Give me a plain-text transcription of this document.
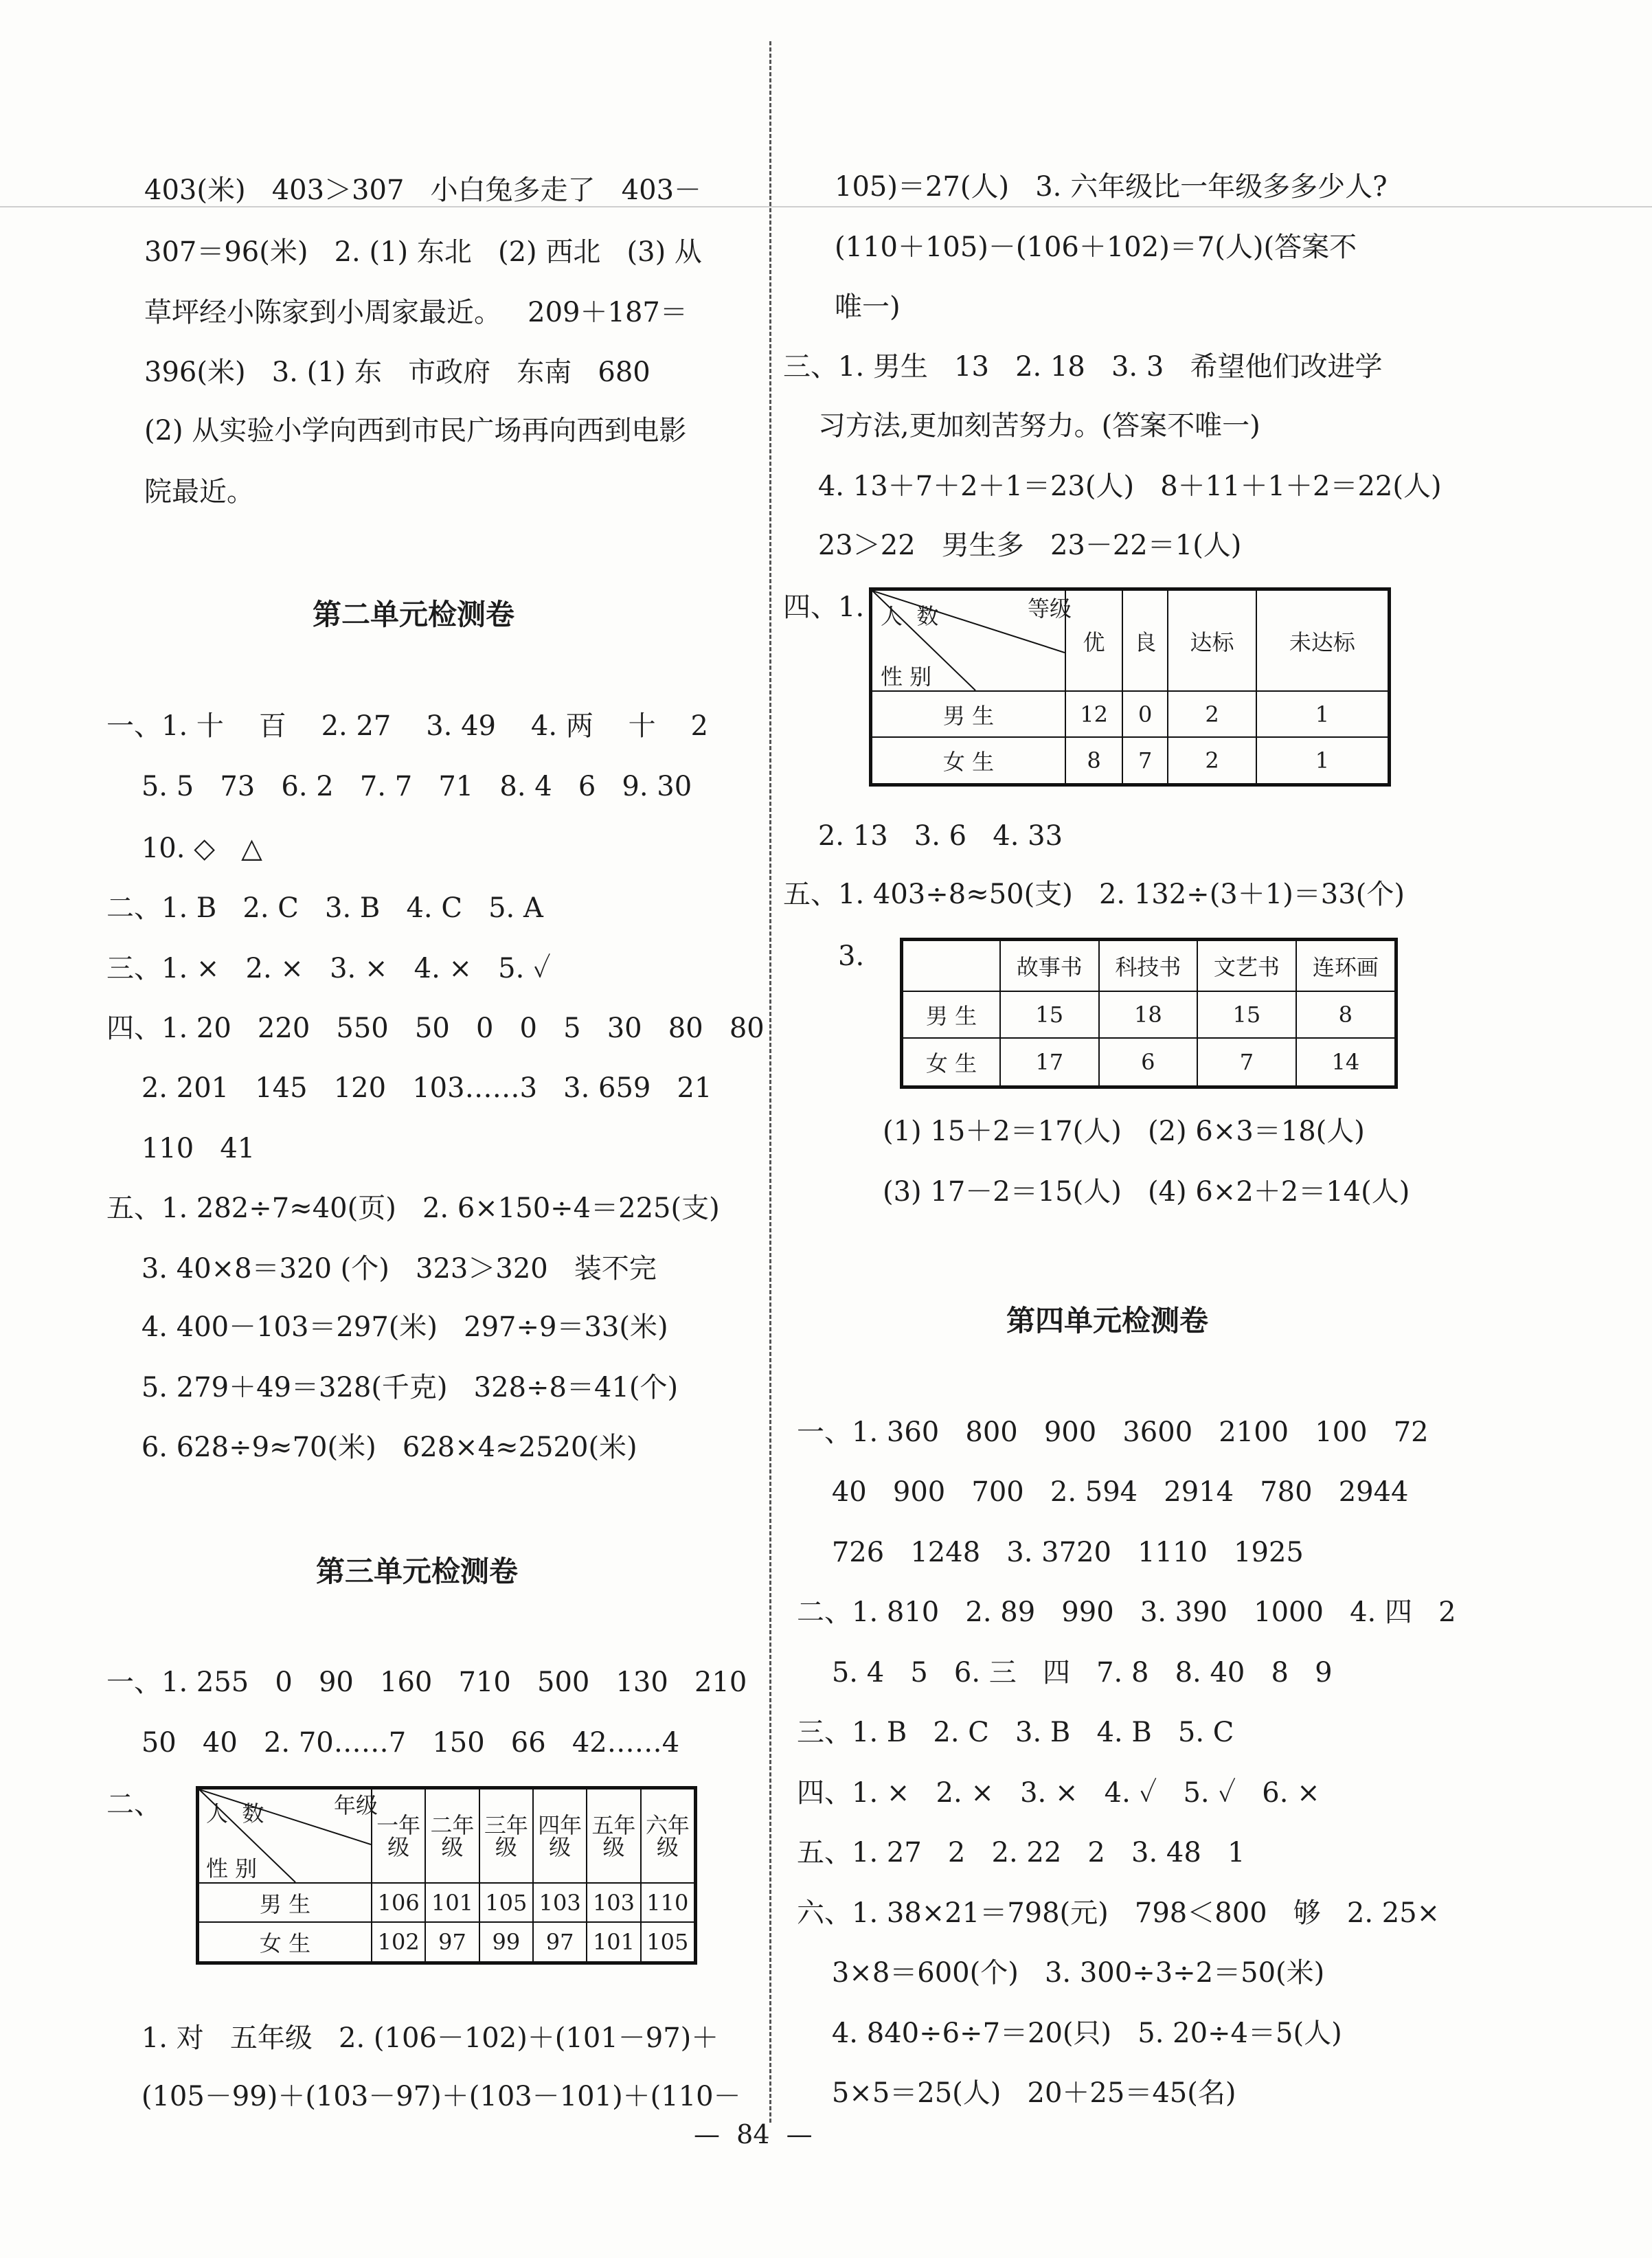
403(米)   403＞307   小白兔多走了   403－
307＝96(米)   2. (1) 东北   (2) 西北   (3) 从
草坪经小陈家到小周家最近。   209＋187＝
396(米)   3. (1) 东   市政府   东南   680
(2) 从实验小学向西到市民广场再向西到电影
院最近。
第二单元检测卷
一、1. 十    百    2. 27    3. 49    4. 两    十    2
5. 5   73   6. 2   7. 7   71   8. 4   6   9. 30
10. ◇   △
二、1. B   2. C   3. B   4. C   5. A
三、1. ×   2. ×   3. ×   4. ×   5. ✓
四、1. 20   220   550   50   0   0   5   30   80   80
2. 201   145   120   103……3   3. 659   21
110   41
五、1. 282÷7≈40(页)   2. 6×150÷4＝225(支)
3. 40×8＝320 (个)   323＞320   装不完
4. 400－103＝297(米)   297÷9＝33(米)
5. 279＋49＝328(千克)   328÷8＝41(个)
6. 628÷9≈70(米)   628×4≈2520(米)
第三单元检测卷
一、1. 255   0   90   160   710   500   130   210
50   40   2. 70……7   150   66   42……4
二、	年级
人  数
性 别	一年级	二年级	三年级	四年级	五年级	六年级
男 生	106	101	105	103	103	110
女 生	102	97	99	97	101	105
1. 对   五年级   2. (106－102)＋(101－97)＋
(105－99)＋(103－97)＋(103－101)＋(110－
105)＝27(人)   3. 六年级比一年级多多少人?
(110＋105)－(106＋102)＝7(人)(答案不
唯一)
三、1. 男生   13   2. 18   3. 3   希望他们改进学
习方法,更加刻苦努力。(答案不唯一)
4. 13＋7＋2＋1＝23(人)   8＋11＋1＋2＝22(人)
23＞22   男生多   23－22＝1(人)
四、1.	等级
人  数
性 别	优	良	达标	未达标
男 生	12	0	2	1
女 生	8	7	2	1
2. 13   3. 6   4. 33
五、1. 403÷8≈50(支)   2. 132÷(3＋1)＝33(个)
3.
		故事书	科技书	文艺书	连环画
男 生	15	18	15	8
女 生	17	6	7	14
(1) 15＋2＝17(人)   (2) 6×3＝18(人)
(3) 17－2＝15(人)   (4) 6×2＋2＝14(人)
第四单元检测卷
一、1. 360   800   900   3600   2100   100   72
40   900   700   2. 594   2914   780   2944
726   1248   3. 3720   1110   1925
二、1. 810   2. 89   990   3. 390   1000   4. 四   2
5. 4   5   6. 三   四   7. 8   8. 40   8   9
三、1. B   2. C   3. B   4. B   5. C
四、1. ×   2. ×   3. ×   4. ✓   5. ✓   6. ×
五、1. 27   2   2. 22   2   3. 48   1
六、1. 38×21＝798(元)   798＜800   够   2. 25×
3×8＝600(个)   3. 300÷3÷2＝50(米)
4. 840÷6÷7＝20(只)   5. 20÷4＝5(人)
5×5＝25(人)   20＋25＝45(名)
—  84  —
